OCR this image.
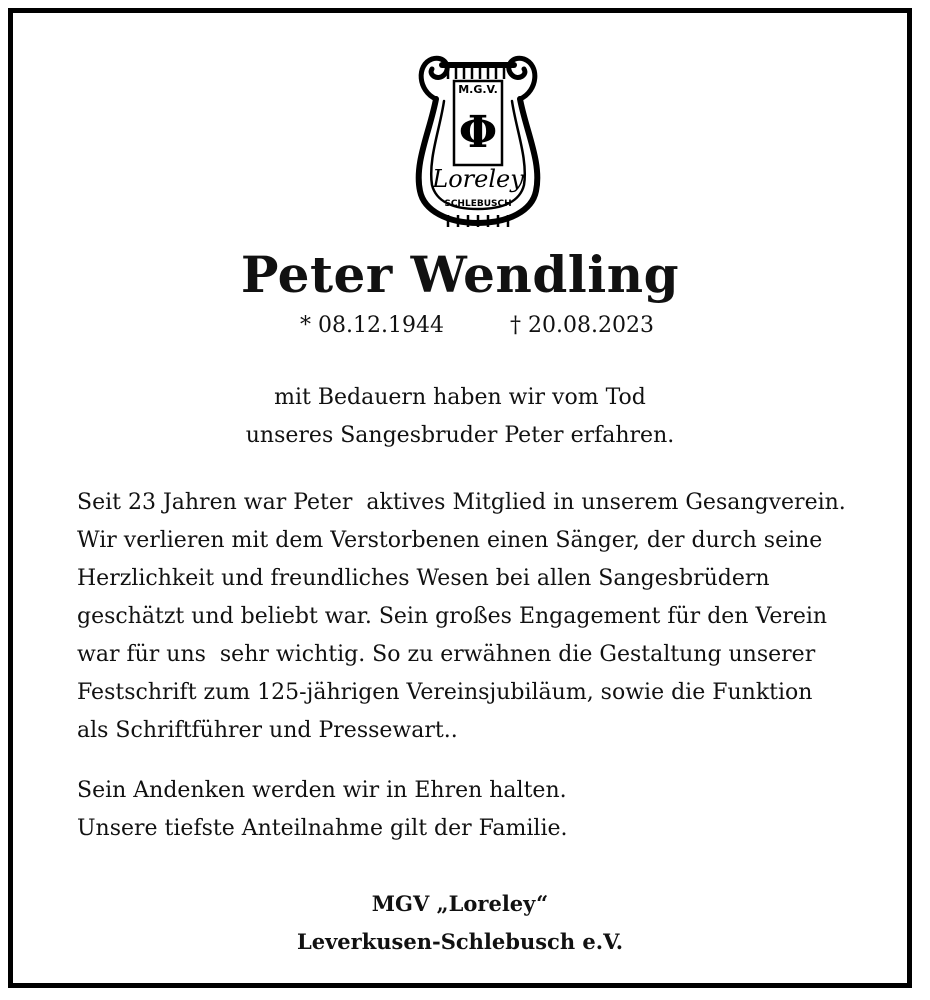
M.G.V.
Φ
Loreley
SCHLEBUSCH
Peter Wendling
* 08.12.1944	† 20.08.2023
mit Bedauern haben wir vom Tod
unseres Sangesbruder Peter erfahren.
Seit 23 Jahren war Peter  aktives Mitglied in unserem Gesangverein.
Wir verlieren mit dem Verstorbenen einen Sänger, der durch seine
Herzlichkeit und freundliches Wesen bei allen Sangesbrüdern
geschätzt und beliebt war. Sein großes Engagement für den Verein
war für uns  sehr wichtig. So zu erwähnen die Gestaltung unserer
Festschrift zum 125-jährigen Vereinsjubiläum, sowie die Funktion
als Schriftführer und Pressewart..
Sein Andenken werden wir in Ehren halten.
Unsere tiefste Anteilnahme gilt der Familie.
MGV „Loreley“
Leverkusen-Schlebusch e.V.
